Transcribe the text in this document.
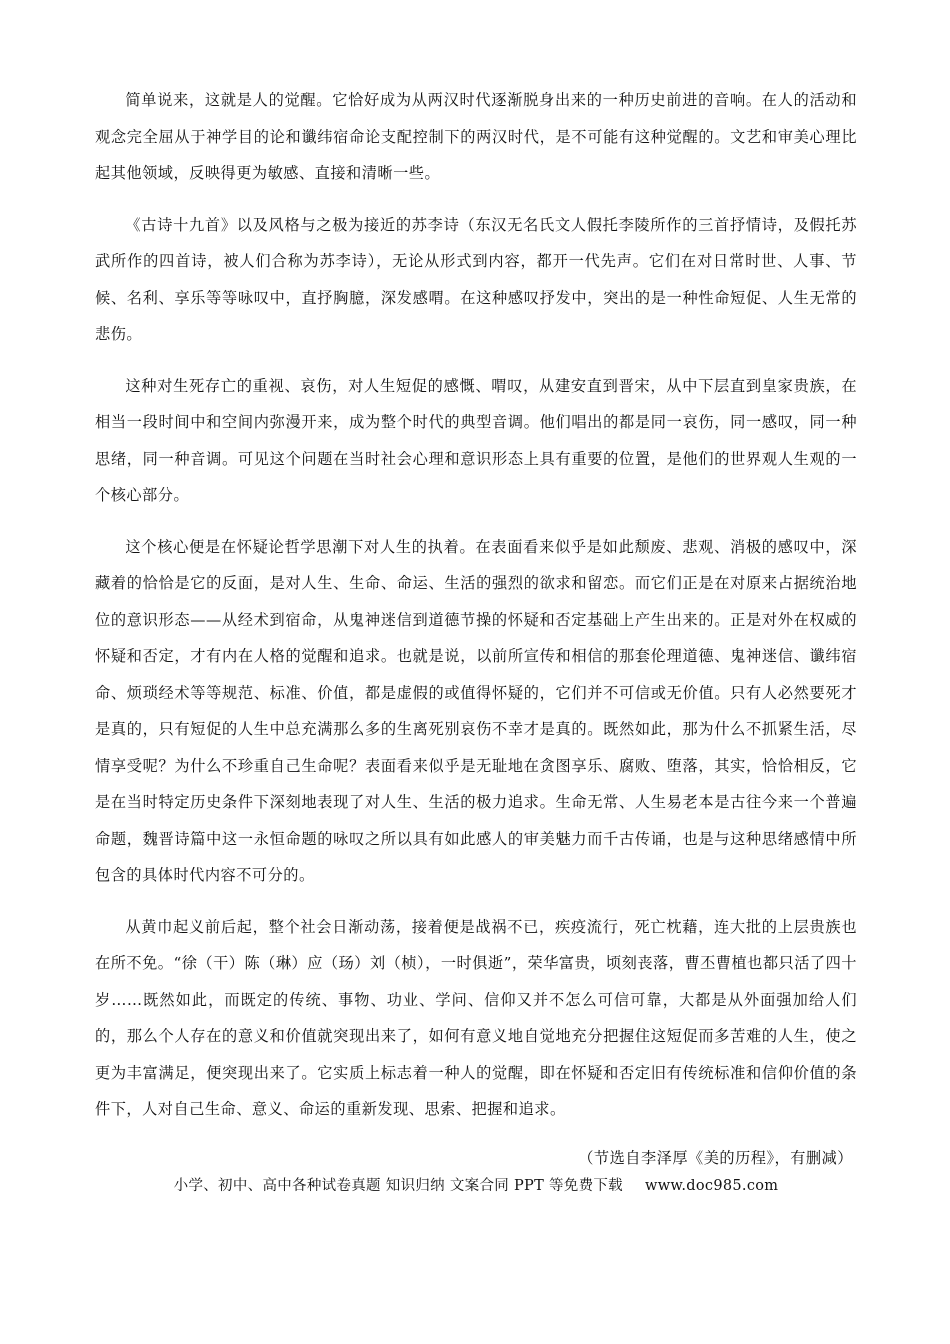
简单说来，这就是人的觉醒。它恰好成为从两汉时代逐渐脱身出来的一种历史前进的音响。在人的活动和观念完全屈从于神学目的论和谶纬宿命论支配控制下的两汉时代，是不可能有这种觉醒的。文艺和审美心理比起其他领域，反映得更为敏感、直接和清晰一些。

《古诗十九首》以及风格与之极为接近的苏李诗（东汉无名氏文人假托李陵所作的三首抒情诗，及假托苏武所作的四首诗，被人们合称为苏李诗），无论从形式到内容，都开一代先声。它们在对日常时世、人事、节候、名利、享乐等等咏叹中，直抒胸臆，深发感喟。在这种感叹抒发中，突出的是一种性命短促、人生无常的悲伤。

这种对生死存亡的重视、哀伤，对人生短促的感慨、喟叹，从建安直到晋宋，从中下层直到皇家贵族，在相当一段时间中和空间内弥漫开来，成为整个时代的典型音调。他们唱出的都是同一哀伤，同一感叹，同一种思绪，同一种音调。可见这个问题在当时社会心理和意识形态上具有重要的位置，是他们的世界观人生观的一个核心部分。

这个核心便是在怀疑论哲学思潮下对人生的执着。在表面看来似乎是如此颓废、悲观、消极的感叹中，深藏着的恰恰是它的反面，是对人生、生命、命运、生活的强烈的欲求和留恋。而它们正是在对原来占据统治地位的意识形态——从经术到宿命，从鬼神迷信到道德节操的怀疑和否定基础上产生出来的。正是对外在权威的怀疑和否定，才有内在人格的觉醒和追求。也就是说，以前所宣传和相信的那套伦理道德、鬼神迷信、谶纬宿命、烦琐经术等等规范、标准、价值，都是虚假的或值得怀疑的，它们并不可信或无价值。只有人必然要死才是真的，只有短促的人生中总充满那么多的生离死别哀伤不幸才是真的。既然如此，那为什么不抓紧生活，尽情享受呢？为什么不珍重自己生命呢？表面看来似乎是无耻地在贪图享乐、腐败、堕落，其实，恰恰相反，它是在当时特定历史条件下深刻地表现了对人生、生活的极力追求。生命无常、人生易老本是古往今来一个普遍命题，魏晋诗篇中这一永恒命题的咏叹之所以具有如此感人的审美魅力而千古传诵，也是与这种思绪感情中所包含的具体时代内容不可分的。

从黄巾起义前后起，整个社会日渐动荡，接着便是战祸不已，疾疫流行，死亡枕藉，连大批的上层贵族也在所不免。“徐（干）陈（琳）应（玚）刘（桢），一时俱逝”，荣华富贵，顷刻丧落，曹丕曹植也都只活了四十岁……既然如此，而既定的传统、事物、功业、学问、信仰又并不怎么可信可靠，大都是从外面强加给人们的，那么个人存在的意义和价值就突现出来了，如何有意义地自觉地充分把握住这短促而多苦难的人生，使之更为丰富满足，便突现出来了。它实质上标志着一种人的觉醒，即在怀疑和否定旧有传统标准和信仰价值的条件下，人对自己生命、意义、命运的重新发现、思索、把握和追求。

（节选自李泽厚《美的历程》，有删减）

小学、初中、高中各种试卷真题 知识归纳 文案合同 PPT 等免费下载 www.doc985.com
